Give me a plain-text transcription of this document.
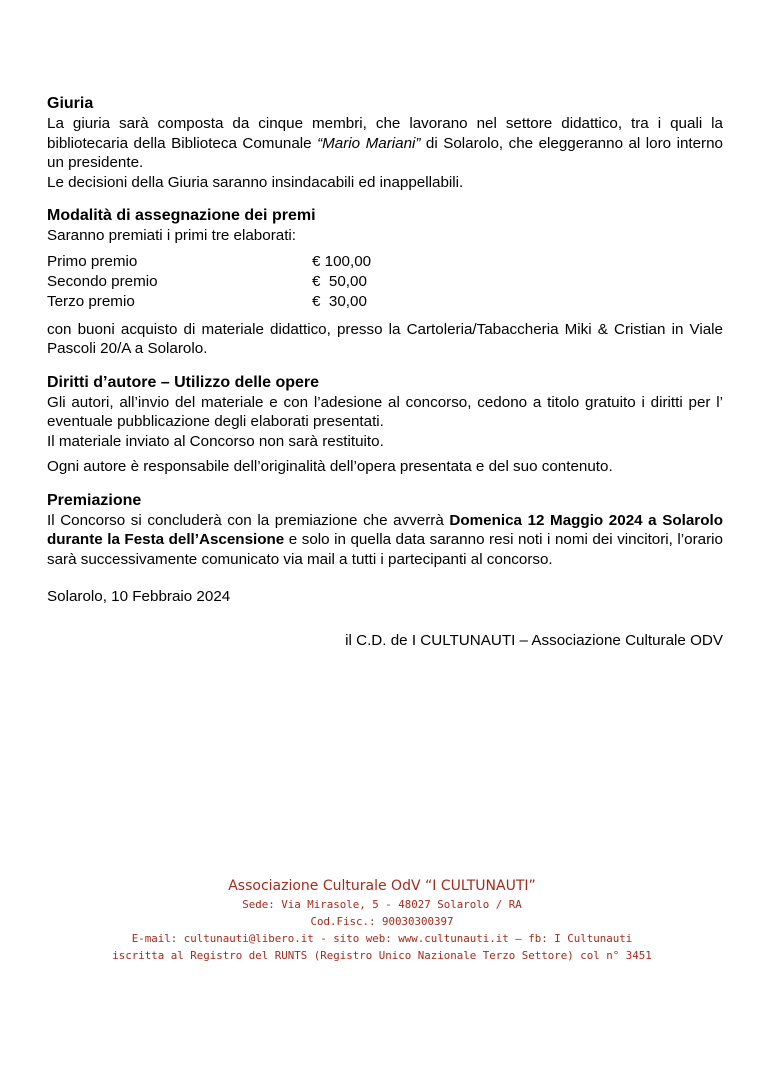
Giuria

La giuria sarà composta da cinque membri, che lavorano nel settore didattico, tra i quali la bibliotecaria della Biblioteca Comunale “Mario Mariani” di Solarolo, che eleggeranno al loro interno un presidente.

Le decisioni della Giuria saranno insindacabili ed inappellabili.

Modalità di assegnazione dei premi

Saranno premiati i primi tre elaborati:

Primo premio	€ 100,00
Secondo premio	€  50,00
Terzo premio	€  30,00

con buoni acquisto di materiale didattico, presso la Cartoleria/Tabaccheria Miki & Cristian in Viale Pascoli 20/A a Solarolo.

Diritti d’autore – Utilizzo delle opere

Gli autori, all’invio del materiale e con l’adesione al concorso, cedono a titolo gratuito i diritti per l’ eventuale pubblicazione degli elaborati presentati.

Il materiale inviato al Concorso non sarà restituito.

Ogni autore è responsabile dell’originalità dell’opera presentata e del suo contenuto.

Premiazione

Il Concorso si concluderà con la premiazione che avverrà Domenica 12 Maggio 2024 a Solarolo durante la Festa dell’Ascensione e solo in quella data saranno resi noti i nomi dei vincitori, l’orario sarà successivamente comunicato via mail a tutti i partecipanti al concorso.

Solarolo, 10 Febbraio 2024

il C.D. de I CULTUNAUTI – Associazione Culturale ODV

Associazione Culturale OdV “I CULTUNAUTI”
Sede: Via Mirasole, 5 - 48027 Solarolo / RA
Cod.Fisc.: 90030300397
E-mail: cultunauti@libero.it - sito web: www.cultunauti.it – fb: I Cultunauti
iscritta al Registro del RUNTS (Registro Unico Nazionale Terzo Settore) col n° 3451
